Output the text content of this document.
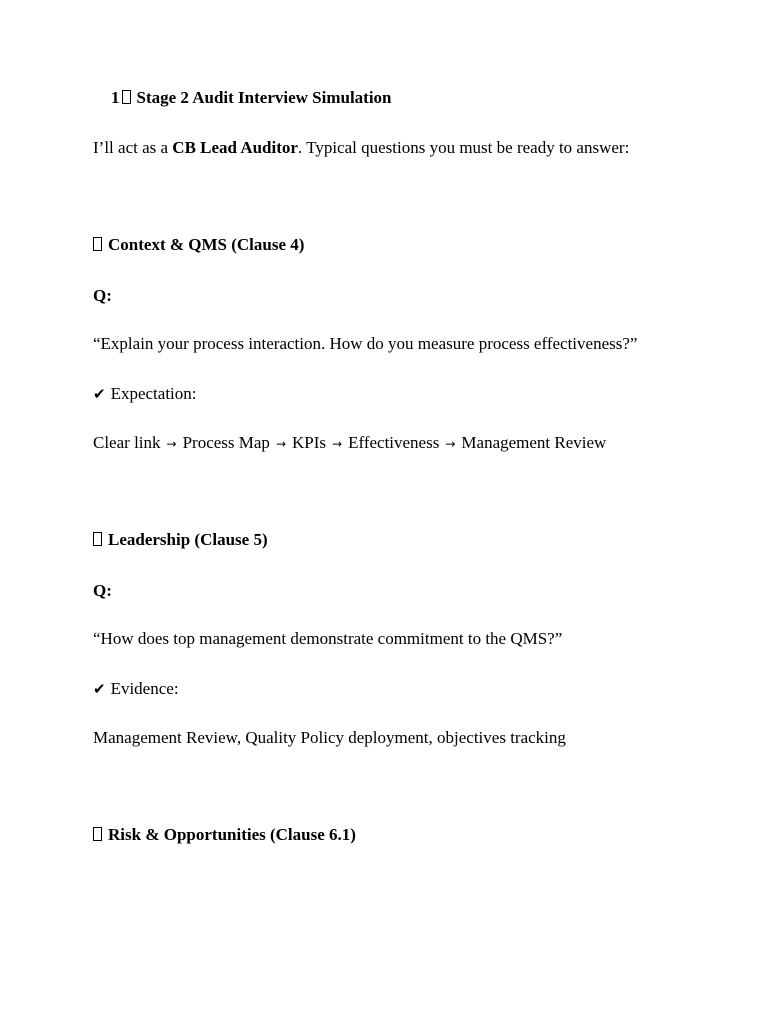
1 Stage 2 Audit Interview Simulation
I’ll act as a CB Lead Auditor. Typical questions you must be ready to answer:
Context & QMS (Clause 4)
Q:
“Explain your process interaction. How do you measure process effectiveness?”
✔ Expectation:
Clear link → Process Map → KPIs → Effectiveness → Management Review
Leadership (Clause 5)
Q:
“How does top management demonstrate commitment to the QMS?”
✔ Evidence:
Management Review, Quality Policy deployment, objectives tracking
Risk & Opportunities (Clause 6.1)
